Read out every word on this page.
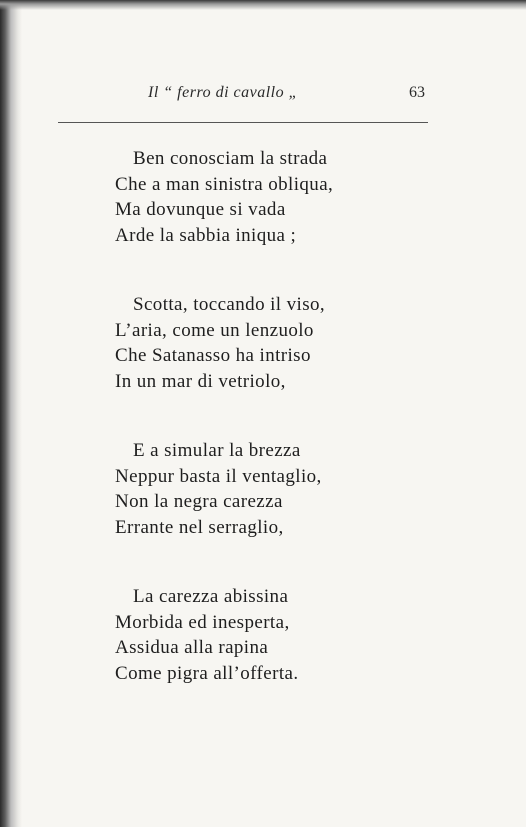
Il “ ferro di cavallo „	63
Ben conosciam la strada
Che a man sinistra obliqua,
Ma dovunque si vada
Arde la sabbia iniqua ;
Scotta, toccando il viso,
L’aria, come un lenzuolo
Che Satanasso ha intriso
In un mar di vetriolo,
E a simular la brezza
Neppur basta il ventaglio,
Non la negra carezza
Errante nel serraglio,
La carezza abissina
Morbida ed inesperta,
Assidua alla rapina
Come pigra all’offerta.
